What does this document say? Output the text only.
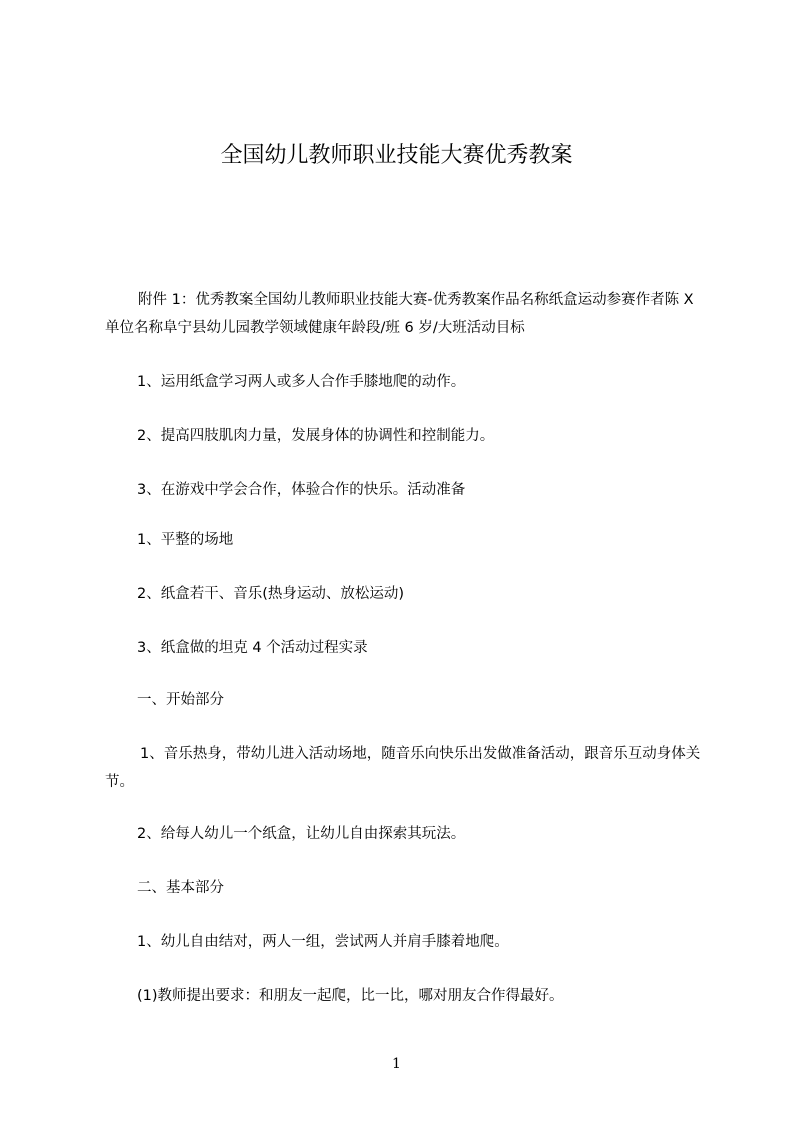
全国幼儿教师职业技能大赛优秀教案

附件 1：优秀教案全国幼儿教师职业技能大赛-优秀教案作品名称纸盒运动参赛作者陈 X 单位名称阜宁县幼儿园教学领域健康年龄段/班 6 岁/大班活动目标

1、运用纸盒学习两人或多人合作手膝地爬的动作。

2、提高四肢肌肉力量，发展身体的协调性和控制能力。

3、在游戏中学会合作，体验合作的快乐。活动准备

1、平整的场地

2、纸盒若干、音乐(热身运动、放松运动)

3、纸盒做的坦克 4 个活动过程实录

一、开始部分

1、音乐热身，带幼儿进入活动场地，随音乐向快乐出发做准备活动，跟音乐互动身体关节。

2、给每人幼儿一个纸盒，让幼儿自由探索其玩法。

二、基本部分

1、幼儿自由结对，两人一组，尝试两人并肩手膝着地爬。

(1)教师提出要求：和朋友一起爬，比一比，哪对朋友合作得最好。

1
